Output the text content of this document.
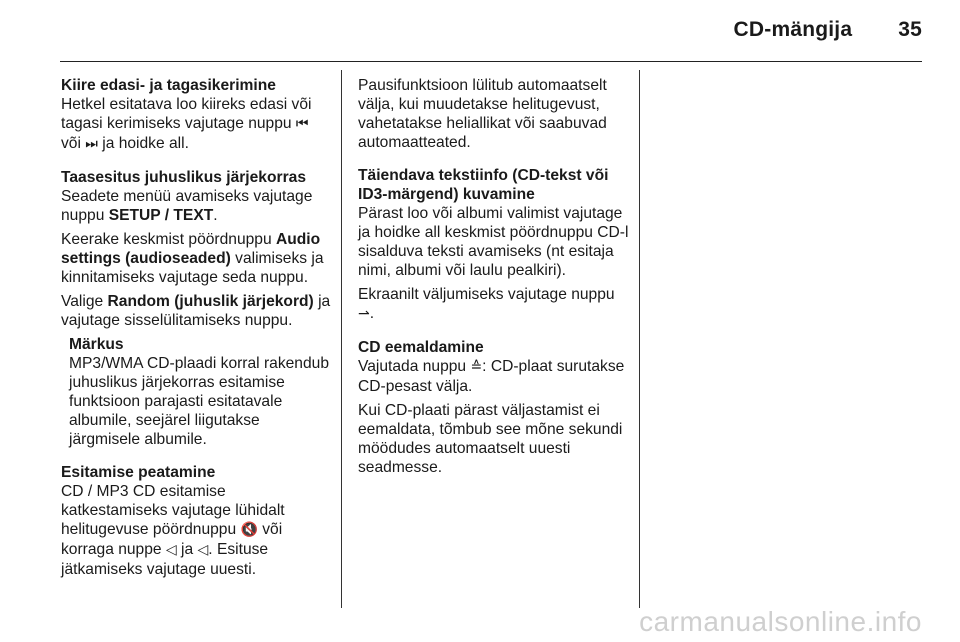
CD-mängija 35
Kiire edasi- ja tagasikerimine
Hetkel esitatava loo kiireks edasi või tagasi kerimiseks vajutage nuppu ⏮ või ⏭ ja hoidke all.
Taasesitus juhuslikus järjekorras
Seadete menüü avamiseks vajutage nuppu SETUP / TEXT.
Keerake keskmist pöördnuppu Audio settings (audioseaded) valimiseks ja kinnitamiseks vajutage seda nuppu.
Valige Random (juhuslik järjekord) ja vajutage sisselülitamiseks nuppu.
Märkus
MP3/WMA CD-plaadi korral rakendub juhuslikus järjekorras esitamise funktsioon parajasti esitatavale albumile, seejärel liigutakse järgmisele albumile.
Esitamise peatamine
CD / MP3 CD esitamise katkestamiseks vajutage lühidalt helitugevuse pöördnuppu 🔇 või korraga nuppe ◁ ja ◁. Esituse jätkamiseks vajutage uuesti.
Pausifunktsioon lülitub automaatselt välja, kui muudetakse helitugevust, vahetatakse heliallikat või saabuvad automaatteated.
Täiendava tekstiinfo (CD-tekst või ID3-märgend) kuvamine
Pärast loo või albumi valimist vajutage ja hoidke all keskmist pöördnuppu CD-l sisalduva teksti avamiseks (nt esitaja nimi, albumi või laulu pealkiri).
Ekraanilt väljumiseks vajutage nuppu ⇀.
CD eemaldamine
Vajutada nuppu ≙: CD-plaat surutakse CD-pesast välja.
Kui CD-plaati pärast väljastamist ei eemaldata, tõmbub see mõne sekundi möödudes automaatselt uuesti seadmesse.
carmanualsonline.info
